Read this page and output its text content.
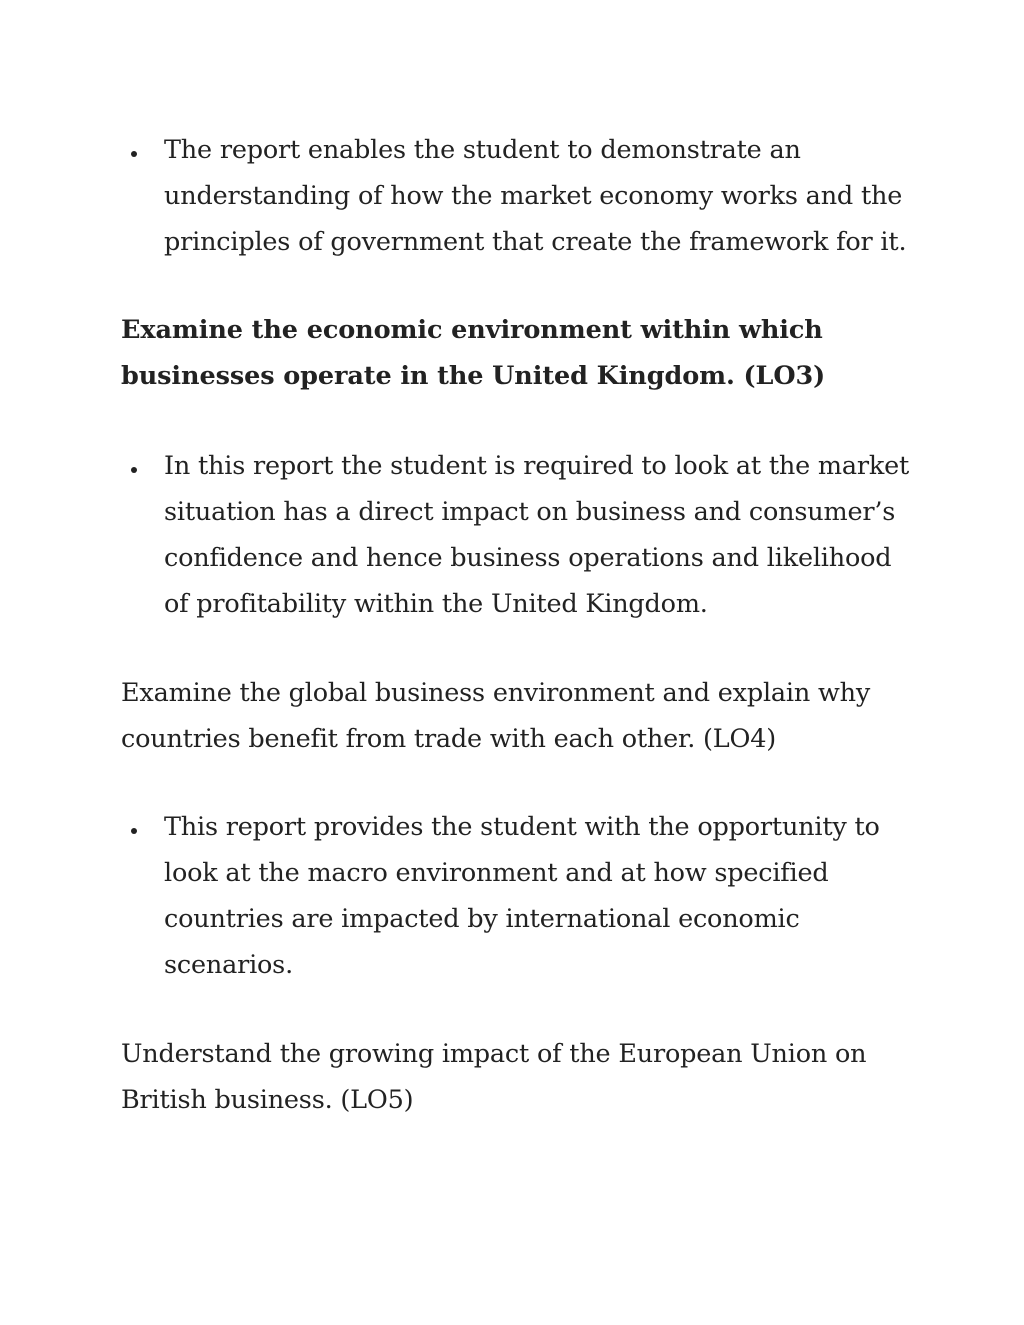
The report enables the student to demonstrate an
understanding of how the market economy works and the
principles of government that create the framework for it.
Examine the economic environment within which
businesses operate in the United Kingdom. (LO3)
In this report the student is required to look at the market
situation has a direct impact on business and consumer’s
confidence and hence business operations and likelihood
of profitability within the United Kingdom.
Examine the global business environment and explain why
countries benefit from trade with each other. (LO4)
This report provides the student with the opportunity to
look at the macro environment and at how specified
countries are impacted by international economic
scenarios.
Understand the growing impact of the European Union on
British business. (LO5)
